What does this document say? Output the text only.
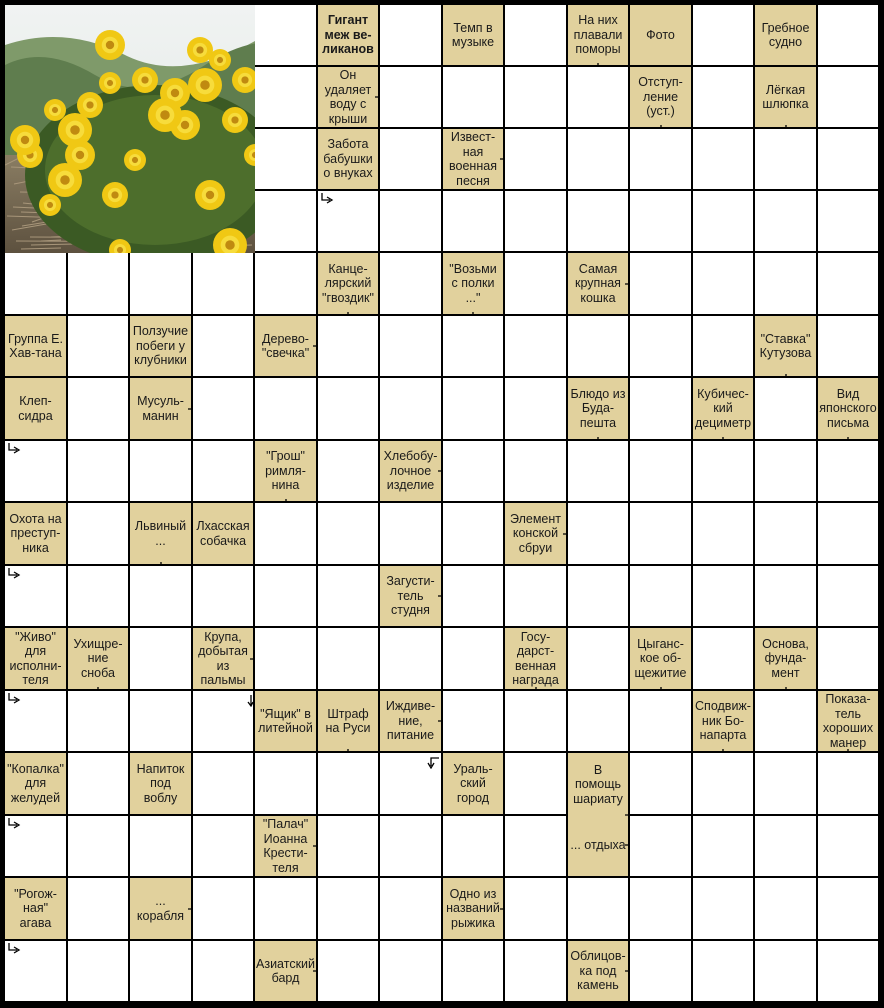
Гигант меж ве-ликанов
Темп в музыке
На них плавали поморы
Фото
Гребное судно
Он удаляет воду с крыши
Отступ-ление (уст.)
Лёгкая шлюпка
Забота бабушки о внуках
Извест-ная военная песня
Канце-лярский "гвоздик"
"Возьми с полки ..."
Самая крупная кошка
Группа Е. Хав-тана
Ползучие побеги у клубники
Дерево-"свечка"
"Ставка" Кутузова
Клеп-сидра
Мусуль-манин
Блюдо из Буда-пешта
Кубичес-кий дециметр
Вид японского письма
"Грош" римля-нина
Хлебобу-лочное изделие
Охота на преступ-ника
Львиный ...
Лхасская собачка
Элемент конской сбруи
Загусти-тель студня
"Живо" для исполни-теля
Ухищре-ние сноба
Крупа, добытая из пальмы
Госу-дарст-венная награда
Цыганс-кое об-щежитие
Основа, фунда-мент
"Ящик" в литейной
Штраф на Руси
Иждиве-ние, питание
Сподвиж-ник Бо-напарта
Показа-тель хороших манер
"Копалка" для желудей
Напиток под воблу
Ураль-ский город
В помощь шариату
... отдыха
"Палач" Иоанна Крести-теля
"Рогож-ная" агава
... корабля
Одно из названий рыжика
Азиатский бард
Облицов-ка под камень
